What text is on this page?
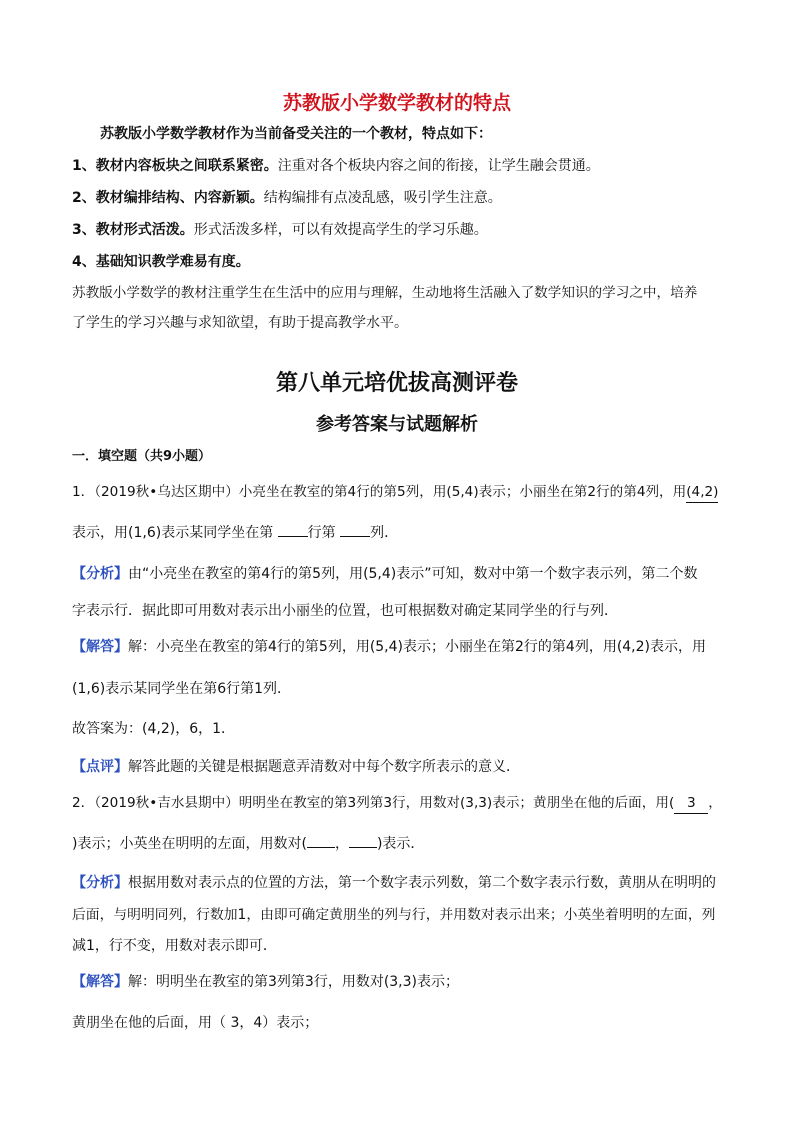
苏教版小学数学教材的特点
苏教版小学数学教材作为当前备受关注的一个教材，特点如下：
1、教材内容板块之间联系紧密。注重对各个板块内容之间的衔接，让学生融会贯通。
2、教材编排结构、内容新颖。结构编排有点凌乱感，吸引学生注意。
3、教材形式活泼。形式活泼多样，可以有效提高学生的学习乐趣。
4、基础知识教学难易有度。
苏教版小学数学的教材注重学生在生活中的应用与理解，生动地将生活融入了数学知识的学习之中，培养
了学生的学习兴趣与求知欲望，有助于提高教学水平。
第八单元培优拔高测评卷
参考答案与试题解析
一．填空题（共9小题）
1．（2019秋•乌达区期中）小亮坐在教室的第4行的第5列，用(5,4)表示；小丽坐在第2行的第4列，用(4,2)
表示，用(1,6)表示某同学坐在第 行第 列．
【分析】由“小亮坐在教室的第4行的第5列，用(5,4)表示”可知，数对中第一个数字表示列，第二个数
字表示行．据此即可用数对表示出小丽坐的位置，也可根据数对确定某同学坐的行与列．
【解答】解：小亮坐在教室的第4行的第5列，用(5,4)表示；小丽坐在第2行的第4列，用(4,2)表示，用
(1,6)表示某同学坐在第6行第1列．
故答案为：(4,2)，6，1．
【点评】解答此题的关键是根据题意弄清数对中每个数字所表示的意义．
2．（2019秋•吉水县期中）明明坐在教室的第3列第3行，用数对(3,3)表示；黄朋坐在他的后面，用( 3 ，
)表示；小英坐在明明的左面，用数对( ， )表示．
【分析】根据用数对表示点的位置的方法，第一个数字表示列数，第二个数字表示行数，黄朋从在明明的
后面，与明明同列，行数加1，由即可确定黄朋坐的列与行，并用数对表示出来；小英坐着明明的左面，列
减1，行不变，用数对表示即可．
【解答】解：明明坐在教室的第3列第3行，用数对(3,3)表示；
黄朋坐在他的后面，用（ 3，4）表示；
